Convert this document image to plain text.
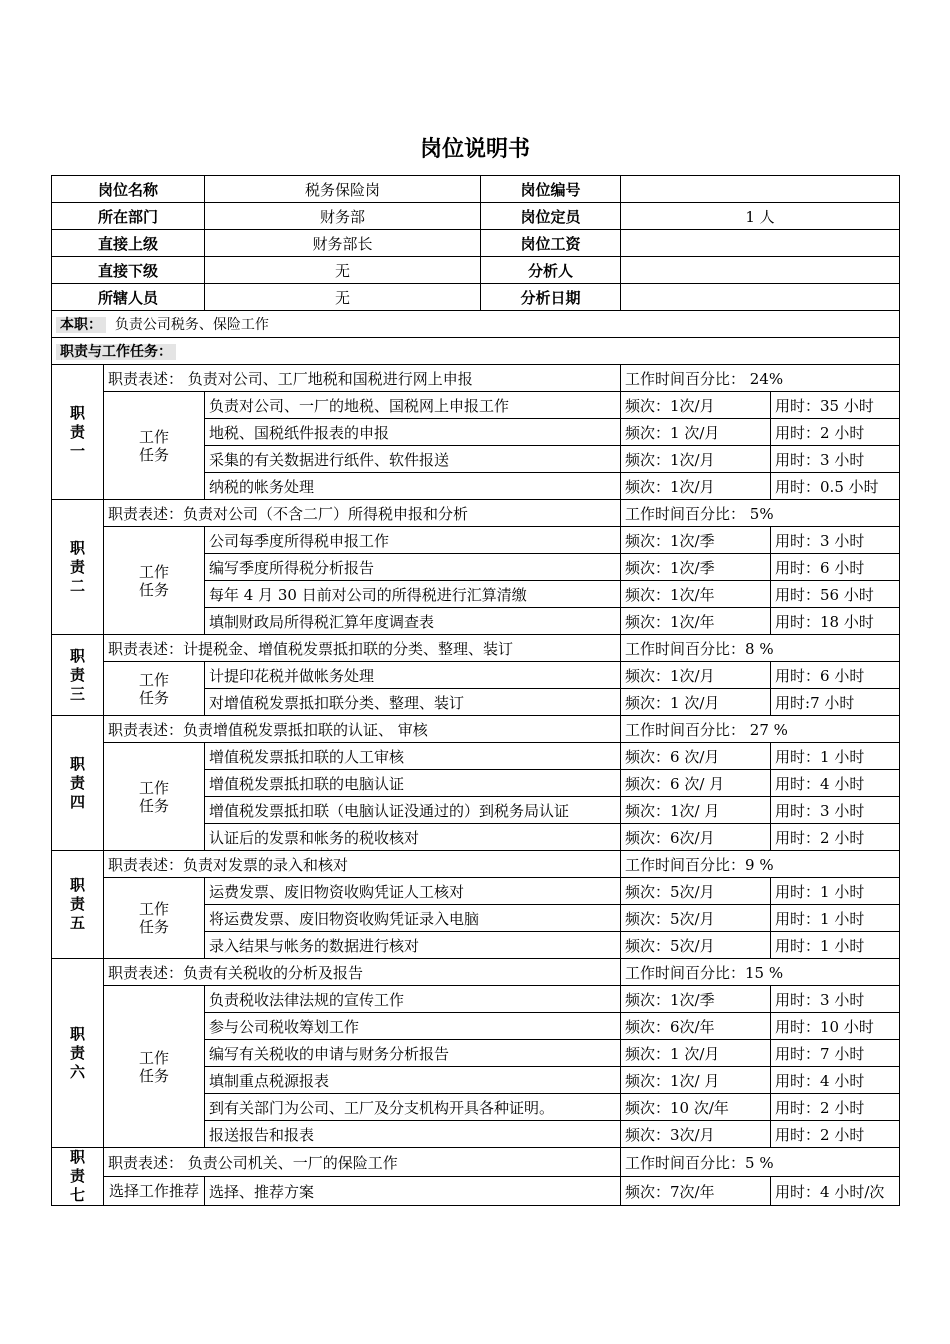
岗位说明书
岗位名称		税务保险岗	岗位编号		
所在部门		财务部	岗位定员	1 人	
直接上级		财务部长	岗位工资		
直接下级		无	分析人		
所辖人员		无	分析日期		
本职： 负责公司税务、保险工作					
职责与工作任务：					
职责一	职责表述： 负责对公司、工厂地税和国税进行网上申报			工作时间百分比： 24%	
	工作任务	负责对公司、一厂的地税、国税网上申报工作		频次：1次/月	用时：35 小时
		地税、国税纸件报表的申报		频次：1 次/月	用时：2 小时
		采集的有关数据进行纸件、软件报送		频次：1次/月	用时：3 小时
		纳税的帐务处理		频次：1次/月	用时：0.5 小时
职责二	职责表述：负责对公司（不含二厂）所得税申报和分析			工作时间百分比： 5%	
	工作任务	公司每季度所得税申报工作		频次：1次/季	用时：3 小时
		编写季度所得税分析报告		频次：1次/季	用时：6 小时
		每年 4 月 30 日前对公司的所得税进行汇算清缴		频次：1次/年	用时：56 小时
		填制财政局所得税汇算年度调查表		频次：1次/年	用时：18 小时
职责三	职责表述：计提税金、增值税发票抵扣联的分类、整理、装订			工作时间百分比：8 %	
	工作任务	计提印花税并做帐务处理		频次：1次/月	用时：6 小时
		对增值税发票抵扣联分类、整理、装订		频次：1 次/月	用时:7 小时
职责四	职责表述：负责增值税发票抵扣联的认证、 审核			工作时间百分比： 27 %	
	工作任务	增值税发票抵扣联的人工审核		频次：6 次/月	用时：1 小时
		增值税发票抵扣联的电脑认证		频次：6 次/ 月	用时：4 小时
		增值税发票抵扣联（电脑认证没通过的）到税务局认证		频次：1次/ 月	用时：3 小时
		认证后的发票和帐务的税收核对		频次：6次/月	用时：2 小时
职责五	职责表述：负责对发票的录入和核对			工作时间百分比：9 %	
	工作任务	运费发票、废旧物资收购凭证人工核对		频次：5次/月	用时：1 小时
		将运费发票、废旧物资收购凭证录入电脑		频次：5次/月	用时：1 小时
		录入结果与帐务的数据进行核对		频次：5次/月	用时：1 小时
职责六	职责表述：负责有关税收的分析及报告			工作时间百分比：15 %	
	工作任务	负责税收法律法规的宣传工作		频次：1次/季	用时：3 小时
		参与公司税收筹划工作		频次：6次/年	用时：10 小时
		编写有关税收的申请与财务分析报告		频次：1 次/月	用时：7 小时
		填制重点税源报表		频次：1次/ 月	用时：4 小时
		到有关部门为公司、工厂及分支机构开具各种证明。		频次：10 次/年	用时：2 小时
		报送报告和报表		频次：3次/月	用时：2 小时
职责七	职责表述： 负责公司机关、一厂的保险工作			工作时间百分比：5 %	
	选择工作推荐	选择、推荐方案		频次：7次/年	用时：4 小时/次
